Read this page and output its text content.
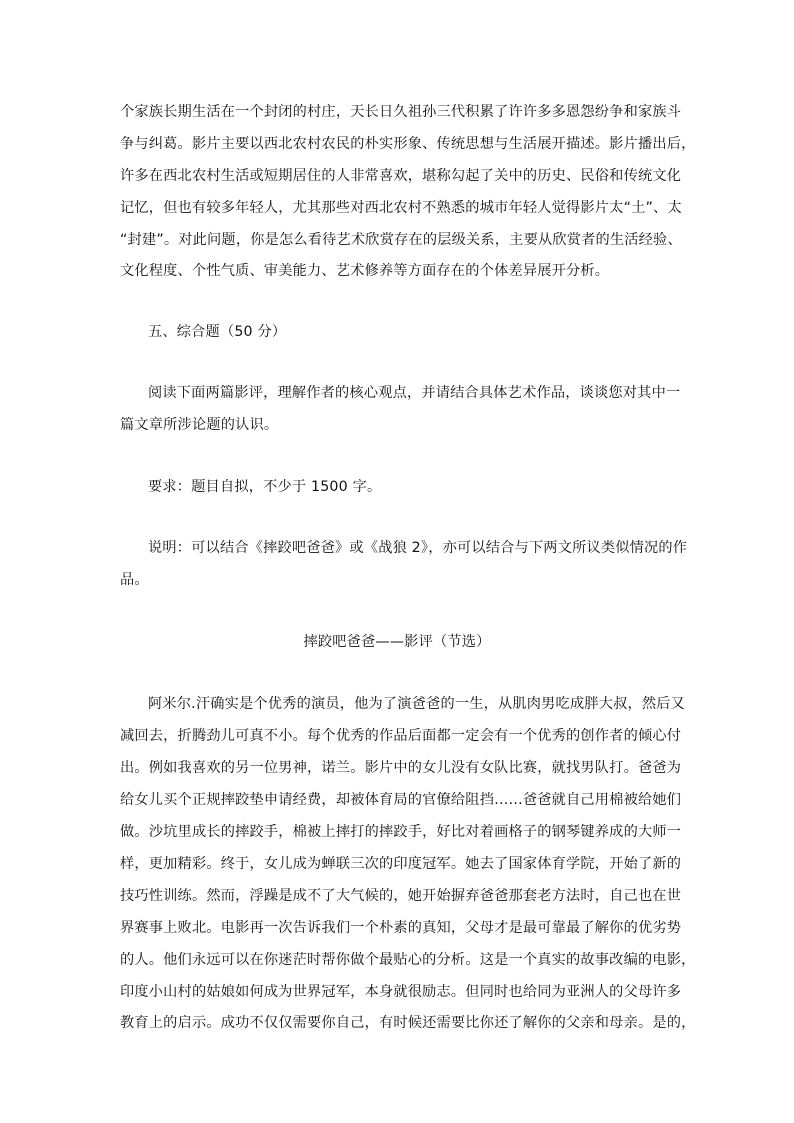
个家族长期生活在一个封闭的村庄，天长日久祖孙三代积累了许许多多恩怨纷争和家族斗
争与纠葛。影片主要以西北农村农民的朴实形象、传统思想与生活展开描述。影片播出后，
许多在西北农村生活或短期居住的人非常喜欢，堪称勾起了关中的历史、民俗和传统文化
记忆，但也有较多年轻人，尤其那些对西北农村不熟悉的城市年轻人觉得影片太“土”、太
“封建”。对此问题，你是怎么看待艺术欣赏存在的层级关系，主要从欣赏者的生活经验、
文化程度、个性气质、审美能力、艺术修养等方面存在的个体差异展开分析。
五、综合题（50 分）
阅读下面两篇影评，理解作者的核心观点，并请结合具体艺术作品，谈谈您对其中一
篇文章所涉论题的认识。
要求：题目自拟，不少于 1500 字。
说明：可以结合《摔跤吧爸爸》或《战狼 2》，亦可以结合与下两文所议类似情况的作
品。
摔跤吧爸爸——影评（节选）
阿米尔.汗确实是个优秀的演员，他为了演爸爸的一生，从肌肉男吃成胖大叔，然后又
减回去，折腾劲儿可真不小。每个优秀的作品后面都一定会有一个优秀的创作者的倾心付
出。例如我喜欢的另一位男神，诺兰。影片中的女儿没有女队比赛，就找男队打。爸爸为
给女儿买个正规摔跤垫申请经费，却被体育局的官僚给阻挡……爸爸就自己用棉被给她们
做。沙坑里成长的摔跤手，棉被上摔打的摔跤手，好比对着画格子的钢琴键养成的大师一
样，更加精彩。终于，女儿成为蝉联三次的印度冠军。她去了国家体育学院，开始了新的
技巧性训练。然而，浮躁是成不了大气候的，她开始摒弃爸爸那套老方法时，自己也在世
界赛事上败北。电影再一次告诉我们一个朴素的真知，父母才是最可靠最了解你的优劣势
的人。他们永远可以在你迷茫时帮你做个最贴心的分析。这是一个真实的故事改编的电影，
印度小山村的姑娘如何成为世界冠军，本身就很励志。但同时也给同为亚洲人的父母许多
教育上的启示。成功不仅仅需要你自己，有时候还需要比你还了解你的父亲和母亲。是的，
